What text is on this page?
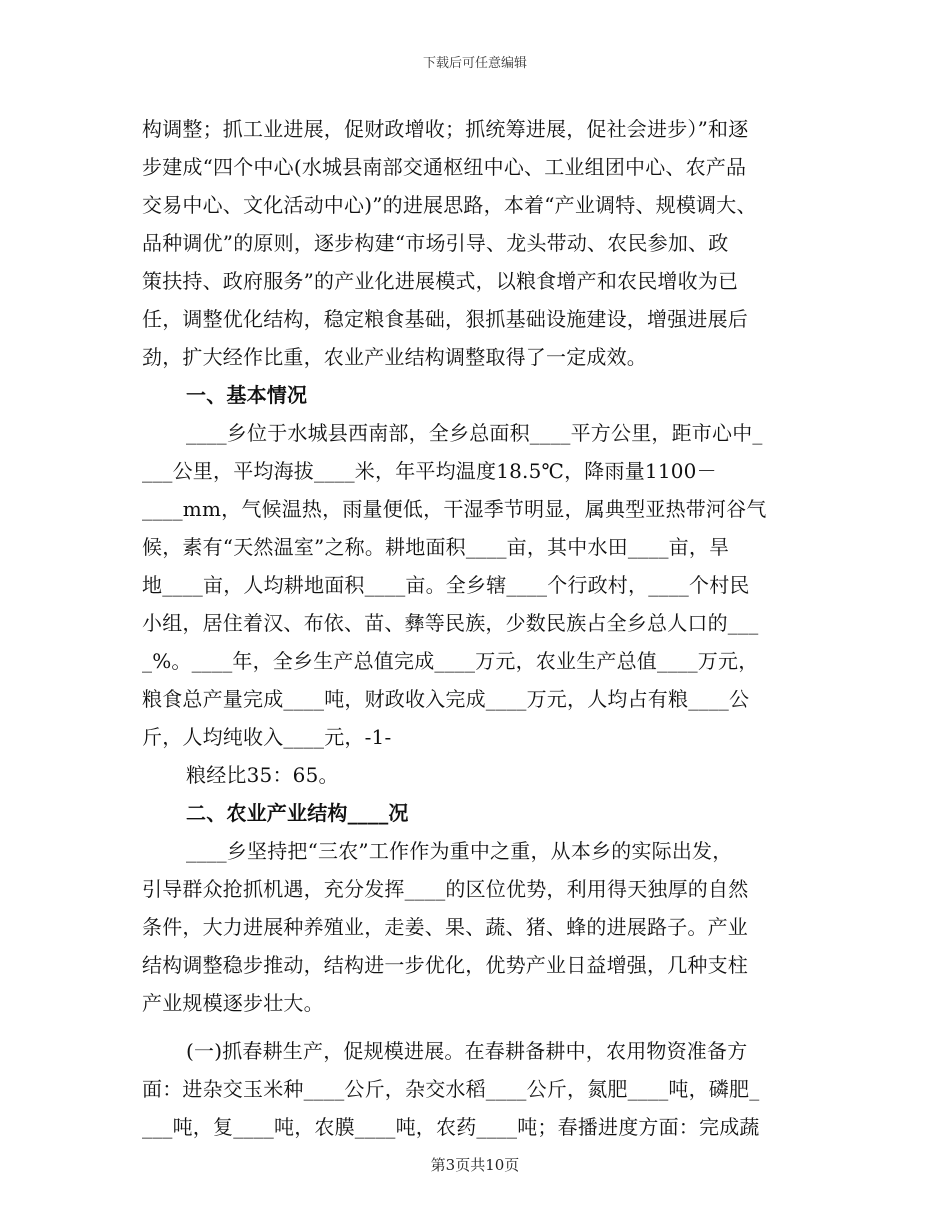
下载后可任意编辑
构调整；抓工业进展，促财政增收；抓统筹进展，促社会进步）”和逐
步建成“四个中心(水城县南部交通枢纽中心、工业组团中心、农产品
交易中心、文化活动中心)”的进展思路，本着“产业调特、规模调大、
品种调优”的原则，逐步构建“市场引导、龙头带动、农民参加、政
策扶持、政府服务”的产业化进展模式，以粮食增产和农民增收为已
任，调整优化结构，稳定粮食基础，狠抓基础设施建设，增强进展后
劲，扩大经作比重，农业产业结构调整取得了一定成效。
一、基本情况
____乡位于水城县西南部，全乡总面积____平方公里，距市心中_
___公里，平均海拔____米，年平均温度18.5℃，降雨量1100－
____mm，气候温热，雨量便低，干湿季节明显，属典型亚热带河谷气
候，素有“天然温室”之称。耕地面积____亩，其中水田____亩，旱
地____亩，人均耕地面积____亩。全乡辖____个行政村，____个村民
小组，居住着汉、布依、苗、彝等民族，少数民族占全乡总人口的___
_%。____年，全乡生产总值完成____万元，农业生产总值____万元，
粮食总产量完成____吨，财政收入完成____万元，人均占有粮____公
斤，人均纯收入____元，-1-
粮经比35：65。
二、农业产业结构____况
____乡坚持把“三农”工作作为重中之重，从本乡的实际出发，
引导群众抢抓机遇，充分发挥____的区位优势，利用得天独厚的自然
条件，大力进展种养殖业，走姜、果、蔬、猪、蜂的进展路子。产业
结构调整稳步推动，结构进一步优化，优势产业日益增强，几种支柱
产业规模逐步壮大。
(一)抓春耕生产，促规模进展。在春耕备耕中，农用物资准备方
面：进杂交玉米种____公斤，杂交水稻____公斤，氮肥____吨，磷肥_
___吨，复____吨，农膜____吨，农药____吨；春播进度方面：完成蔬
第3页共10页
